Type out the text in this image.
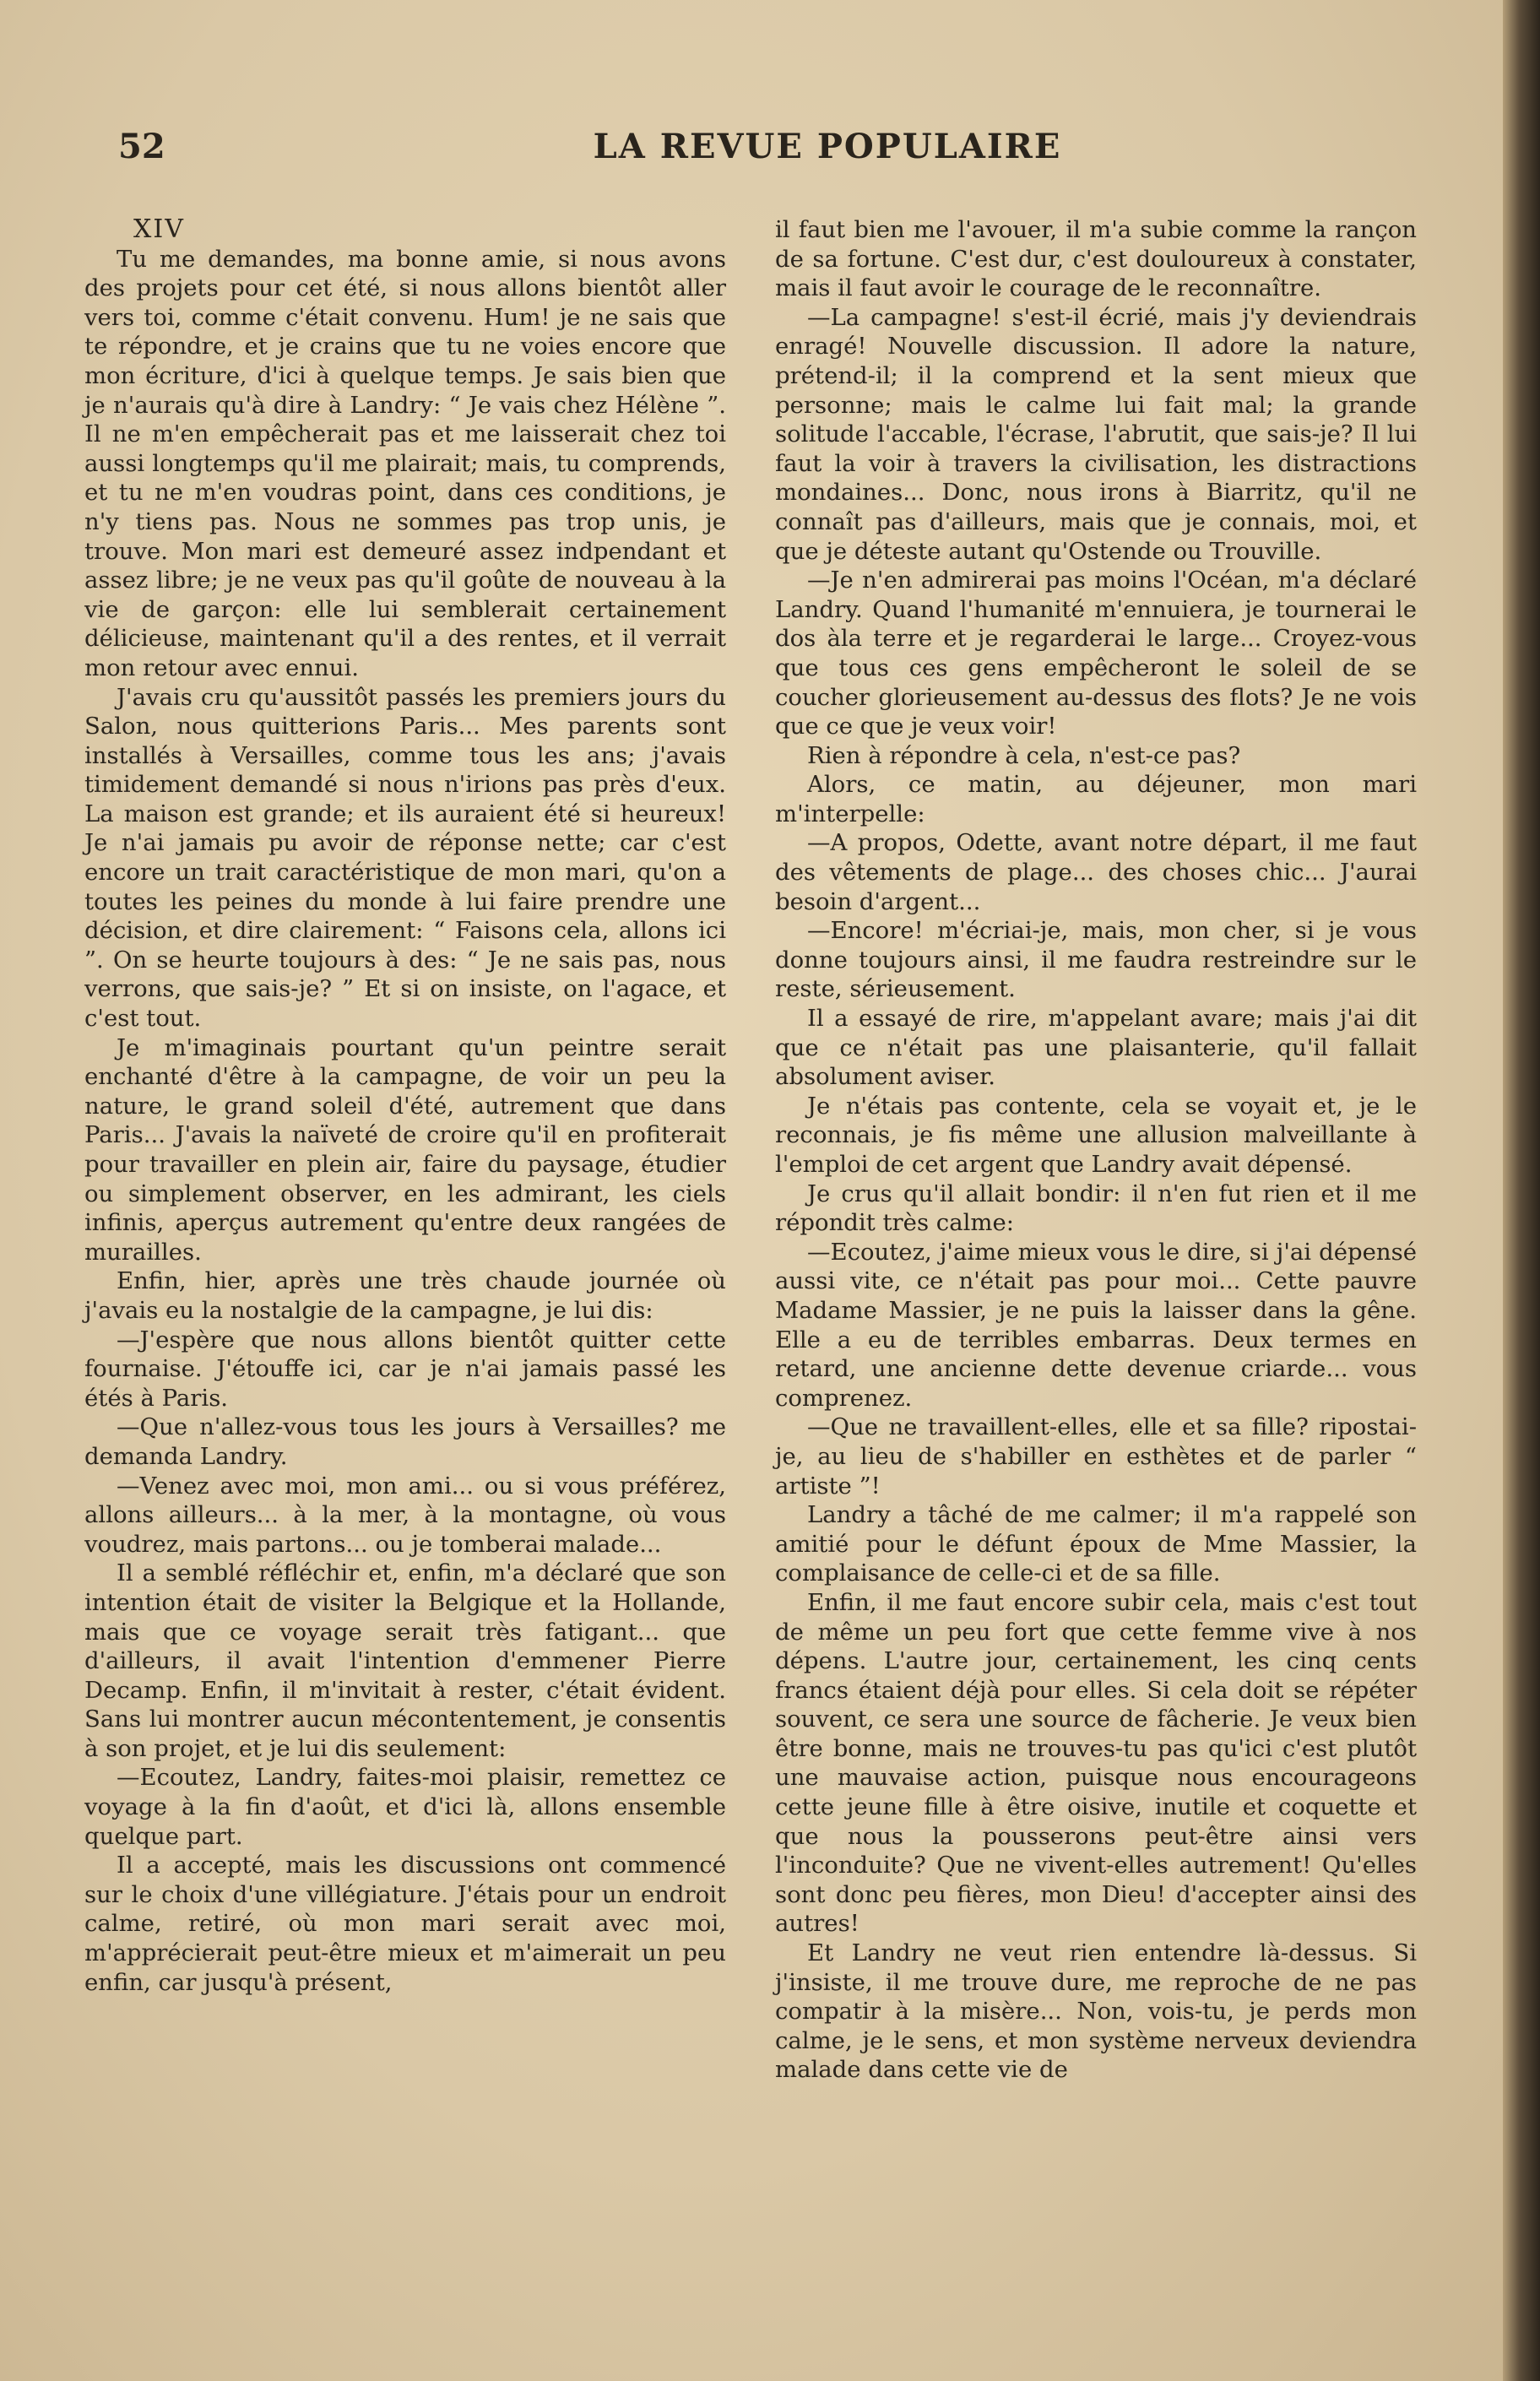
52	LA REVUE POPULAIRE

XIV

Tu me demandes, ma bonne amie, si nous avons des projets pour cet été, si nous allons bientôt aller vers toi, comme c'était convenu. Hum! je ne sais que te répondre, et je crains que tu ne voies encore que mon écriture, d'ici à quelque temps. Je sais bien que je n'aurais qu'à dire à Landry: “ Je vais chez Hélène ”. Il ne m'en empêcherait pas et me laisserait chez toi aussi longtemps qu'il me plairait; mais, tu comprends, et tu ne m'en voudras point, dans ces conditions, je n'y tiens pas. Nous ne sommes pas trop unis, je trouve. Mon mari est demeuré assez indpendant et assez libre; je ne veux pas qu'il goûte de nouveau à la vie de garçon: elle lui semblerait certainement délicieuse, maintenant qu'il a des rentes, et il verrait mon retour avec ennui.

J'avais cru qu'aussitôt passés les premiers jours du Salon, nous quitterions Paris... Mes parents sont installés à Versailles, comme tous les ans; j'avais timidement demandé si nous n'irions pas près d'eux. La maison est grande; et ils auraient été si heureux! Je n'ai jamais pu avoir de réponse nette; car c'est encore un trait caractéristique de mon mari, qu'on a toutes les peines du monde à lui faire prendre une décision, et dire clairement: “ Faisons cela, allons ici ”. On se heurte toujours à des: “ Je ne sais pas, nous verrons, que sais-je? ” Et si on insiste, on l'agace, et c'est tout.

Je m'imaginais pourtant qu'un peintre serait enchanté d'être à la campagne, de voir un peu la nature, le grand soleil d'été, autrement que dans Paris... J'avais la naïveté de croire qu'il en profiterait pour travailler en plein air, faire du paysage, étudier ou simplement observer, en les admirant, les ciels infinis, aperçus autrement qu'entre deux rangées de murailles.

Enfin, hier, après une très chaude journée où j'avais eu la nostalgie de la campagne, je lui dis:

—J'espère que nous allons bientôt quitter cette fournaise. J'étouffe ici, car je n'ai jamais passé les étés à Paris.

—Que n'allez-vous tous les jours à Versailles? me demanda Landry.

—Venez avec moi, mon ami... ou si vous préférez, allons ailleurs... à la mer, à la montagne, où vous voudrez, mais partons... ou je tomberai malade...

Il a semblé réfléchir et, enfin, m'a déclaré que son intention était de visiter la Belgique et la Hollande, mais que ce voyage serait très fatigant... que d'ailleurs, il avait l'intention d'emmener Pierre Decamp. Enfin, il m'invitait à rester, c'était évident. Sans lui montrer aucun mécontentement, je consentis à son projet, et je lui dis seulement:

—Ecoutez, Landry, faites-moi plaisir, remettez ce voyage à la fin d'août, et d'ici là, allons ensemble quelque part.

Il a accepté, mais les discussions ont commencé sur le choix d'une villégiature. J'étais pour un endroit calme, retiré, où mon mari serait avec moi, m'apprécierait peut-être mieux et m'aimerait un peu enfin, car jusqu'à présent,

il faut bien me l'avouer, il m'a subie comme la rançon de sa fortune. C'est dur, c'est douloureux à constater, mais il faut avoir le courage de le reconnaître.

—La campagne! s'est-il écrié, mais j'y deviendrais enragé! Nouvelle discussion. Il adore la nature, prétend-il; il la comprend et la sent mieux que personne; mais le calme lui fait mal; la grande solitude l'accable, l'écrase, l'abrutit, que sais-je? Il lui faut la voir à travers la civilisation, les distractions mondaines... Donc, nous irons à Biarritz, qu'il ne connaît pas d'ailleurs, mais que je connais, moi, et que je déteste autant qu'Ostende ou Trouville.

—Je n'en admirerai pas moins l'Océan, m'a déclaré Landry. Quand l'humanité m'ennuiera, je tournerai le dos àla terre et je regarderai le large... Croyez-vous que tous ces gens empêcheront le soleil de se coucher glorieusement au-dessus des flots? Je ne vois que ce que je veux voir!

Rien à répondre à cela, n'est-ce pas?

Alors, ce matin, au déjeuner, mon mari m'interpelle:

—A propos, Odette, avant notre départ, il me faut des vêtements de plage... des choses chic... J'aurai besoin d'argent...

—Encore! m'écriai-je, mais, mon cher, si je vous donne toujours ainsi, il me faudra restreindre sur le reste, sérieusement.

Il a essayé de rire, m'appelant avare; mais j'ai dit que ce n'était pas une plaisanterie, qu'il fallait absolument aviser.

Je n'étais pas contente, cela se voyait et, je le reconnais, je fis même une allusion malveillante à l'emploi de cet argent que Landry avait dépensé.

Je crus qu'il allait bondir: il n'en fut rien et il me répondit très calme:

—Ecoutez, j'aime mieux vous le dire, si j'ai dépensé aussi vite, ce n'était pas pour moi... Cette pauvre Madame Massier, je ne puis la laisser dans la gêne. Elle a eu de terribles embarras. Deux termes en retard, une ancienne dette devenue criarde... vous comprenez.

—Que ne travaillent-elles, elle et sa fille? ripostai-je, au lieu de s'habiller en esthètes et de parler “ artiste ”!

Landry a tâché de me calmer; il m'a rappelé son amitié pour le défunt époux de Mme Massier, la complaisance de celle-ci et de sa fille.

Enfin, il me faut encore subir cela, mais c'est tout de même un peu fort que cette femme vive à nos dépens. L'autre jour, certainement, les cinq cents francs étaient déjà pour elles. Si cela doit se répéter souvent, ce sera une source de fâcherie. Je veux bien être bonne, mais ne trouves-tu pas qu'ici c'est plutôt une mauvaise action, puisque nous encourageons cette jeune fille à être oisive, inutile et coquette et que nous la pousserons peut-être ainsi vers l'inconduite? Que ne vivent-elles autrement! Qu'elles sont donc peu fières, mon Dieu! d'accepter ainsi des autres!

Et Landry ne veut rien entendre là-dessus. Si j'insiste, il me trouve dure, me reproche de ne pas compatir à la misère... Non, vois-tu, je perds mon calme, je le sens, et mon système nerveux deviendra malade dans cette vie de
